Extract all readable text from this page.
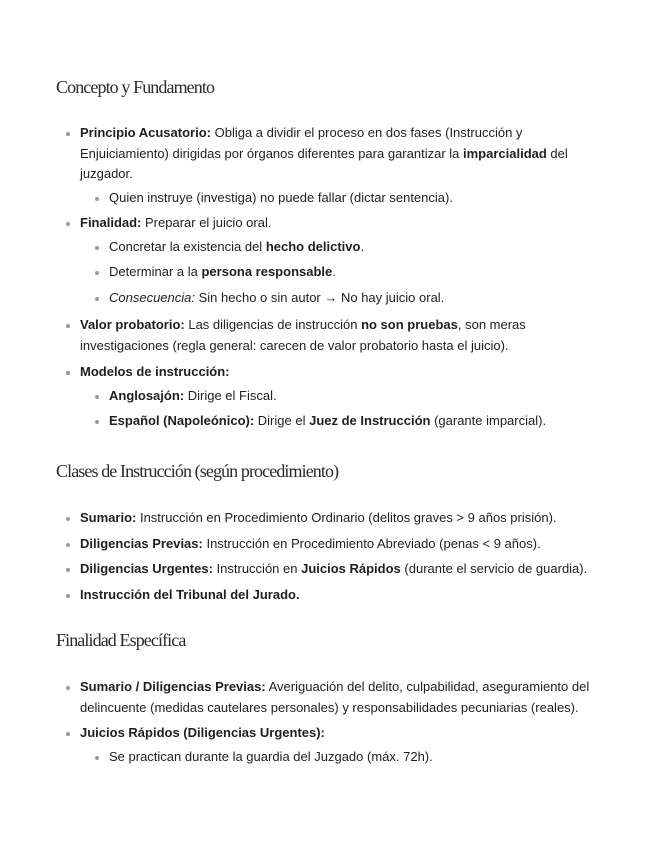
Concepto y Fundamento
Principio Acusatorio: Obliga a dividir el proceso en dos fases (Instrucción y Enjuiciamiento) dirigidas por órganos diferentes para garantizar la imparcialidad del juzgador.
Quien instruye (investiga) no puede fallar (dictar sentencia).
Finalidad: Preparar el juicio oral.
Concretar la existencia del hecho delictivo.
Determinar a la persona responsable.
Consecuencia: Sin hecho o sin autor → No hay juicio oral.
Valor probatorio: Las diligencias de instrucción no son pruebas, son meras investigaciones (regla general: carecen de valor probatorio hasta el juicio).
Modelos de instrucción:
Anglosajón: Dirige el Fiscal.
Español (Napoleónico): Dirige el Juez de Instrucción (garante imparcial).
Clases de Instrucción (según procedimiento)
Sumario: Instrucción en Procedimiento Ordinario (delitos graves > 9 años prisión).
Diligencias Previas: Instrucción en Procedimiento Abreviado (penas < 9 años).
Diligencias Urgentes: Instrucción en Juicios Rápidos (durante el servicio de guardia).
Instrucción del Tribunal del Jurado.
Finalidad Específica
Sumario / Diligencias Previas: Averiguación del delito, culpabilidad, aseguramiento del delincuente (medidas cautelares personales) y responsabilidades pecuniarias (reales).
Juicios Rápidos (Diligencias Urgentes):
Se practican durante la guardia del Juzgado (máx. 72h).
